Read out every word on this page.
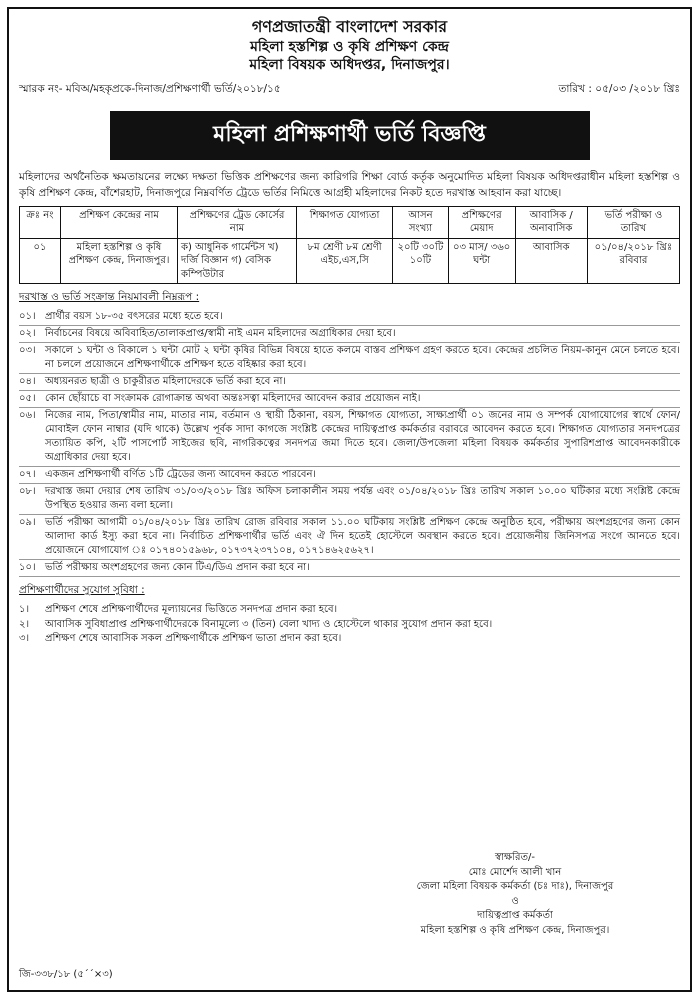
গণপ্রজাতন্ত্রী বাংলাদেশ সরকার
মহিলা হস্তশিল্প ও কৃষি প্রশিক্ষণ কেন্দ্র
মহিলা বিষয়ক অধিদপ্তর, দিনাজপুর।
স্মারক নং- মবিঅ/মহকৃপ্রকে-দিনাজ/প্রশিক্ষণার্থী ভর্তি/২০১৮/১৫	তারিখ : ০৫/০৩ /২০১৮ খ্রিঃ
মহিলা প্রশিক্ষণার্থী ভর্তি বিজ্ঞপ্তি
মহিলাদের অর্থনৈতিক ক্ষমতায়নের লক্ষ্যে দক্ষতা ভিত্তিক প্রশিক্ষণের জন্য কারিগরি শিক্ষা বোর্ড কর্তৃক অনুমোদিত মহিলা বিষয়ক অধিদপ্তরাধীন মহিলা হস্তশিল্প ও কৃষি প্রশিক্ষণ কেন্দ্র, বাঁশেরহাট, দিনাজপুরে নিম্নবর্ণিত ট্রেডে ভর্তির নিমিত্তে আগ্রহী মহিলাদের নিকট হতে দরখাস্ত আহবান করা যাচ্ছে।
ক্রঃ নং	প্রশিক্ষণ কেন্দ্রের নাম	প্রশিক্ষণের ট্রেড কোর্সের নাম	শিক্ষাগত যোগ্যতা	আসন সংখ্যা	প্রশিক্ষণের মেয়াদ	আবাসিক /অনাবাসিক	ভর্তি পরীক্ষা ও তারিখ
০১	মহিলা হস্তশিল্প ও কৃষি প্রশিক্ষণ কেন্দ্র, দিনাজপুর।	ক) আধুনিক গার্মেন্টস খ) দর্জি বিজ্ঞান গ) বেসিক কম্পিউটার	৮ম শ্রেণী ৮ম শ্রেণী এইচ,এস,সি	২০টি ৩০টি ১০টি	০৩ মাস/ ৩৬০ ঘন্টা	আবাসিক	০১/০৪/২০১৮ খ্রিঃ রবিবার
দরখাস্ত ও ভর্তি সংক্রান্ত নিয়মাবলী নিম্নরূপ :
০১। প্রার্থীর বয়স ১৮-৩৫ বৎসরের মধ্যে হতে হবে।
০২। নির্বাচনের বিষয়ে অবিবাহিত/তালাকপ্রাপ্ত/স্বামী নাই এমন মহিলাদের অগ্রাধিকার দেয়া হবে।
০৩। সকালে ১ ঘন্টা ও বিকালে ১ ঘন্টা মোট ২ ঘন্টা কৃষির বিভিন্ন বিষয়ে হাতে কলমে বাস্তব প্রশিক্ষণ গ্রহণ করতে হবে। কেন্দ্রের প্রচলিত নিয়ম-কানুন মেনে চলতে হবে। না চললে প্রয়োজনে প্রশিক্ষণার্থীকে প্রশিক্ষণ হতে বহিষ্কার করা হবে।
০৪। অধ্যয়নরত ছাত্রী ও চাকুরীরত মহিলাদেরকে ভর্তি করা হবে না।
০৫। কোন ছোঁয়াচে বা সংক্রামক রোগাক্রান্ত অথবা অন্তঃসত্বা মহিলাদের আবেদন করার প্রয়োজন নাই।
০৬। নিজের নাম, পিতা/স্বামীর নাম, মাতার নাম, বর্তমান ও স্থায়ী ঠিকানা, বয়স, শিক্ষাগত যোগ্যতা, সাক্ষ্যপ্রার্থী ০১ জনের নাম ও সম্পর্ক যোগাযোগের স্বার্থে ফোন/মোবাইল ফোন নাম্বার (যদি থাকে) উল্লেখ পূর্বক সাদা কাগজে সংশ্লিষ্ট কেন্দ্রের দায়িত্বপ্রাপ্ত কর্মকর্তার বরাবরে আবেদন করতে হবে। শিক্ষাগত যোগ্যতার সনদপত্রের সত্যায়িত কপি, ২টি পাসপোর্ট সাইজের ছবি, নাগরিকত্বের সনদপত্র জমা দিতে হবে। জেলা/উপজেলা মহিলা বিষয়ক কর্মকর্তার সুপারিশপ্রাপ্ত আবেদনকারীকে অগ্রাধিকার দেয়া হবে।
০৭। একজন প্রশিক্ষণার্থী বর্ণিত ১টি ট্রেডের জন্য আবেদন করতে পারবেন।
০৮। দরখাস্ত জমা দেয়ার শেষ তারিখ ৩১/০৩/২০১৮ খ্রিঃ অফিস চলাকালীন সময় পর্যন্ত এবং ০১/০৪/২০১৮ খ্রিঃ তারিখ সকাল ১০.০০ ঘটিকার মধ্যে সংশ্লিষ্ট কেন্দ্রে উপস্থিত হওয়ার জন্য বলা হলো।
০৯। ভর্তি পরীক্ষা আগামী ০১/০৪/২০১৮ খ্রিঃ তারিখ রোজ রবিবার সকাল ১১.০০ ঘটিকায় সংশ্লিষ্ট প্রশিক্ষণ কেন্দ্রে অনুষ্ঠিত হবে, পরীক্ষায় অংশগ্রহণের জন্য কোন আলাদা কার্ড ইস্যু করা হবে না। নির্বাচিত প্রশিক্ষণার্থীর ভর্তি এবং ঐ দিন হতেই হোস্টেলে অবস্থান করতে হবে। প্রয়োজনীয় জিনিসপত্র সংগে আনতে হবে। প্রয়োজনে যোগাযোগ ঃ ০১৭৪০১৫৯৬৮, ০১৭৩৭২৩৭১০৪, ০১৭১৪৬২৫৬২৭।
১০। ভর্তি পরীক্ষায় অংশগ্রহণের জন্য কোন টিএ/ডিএ প্রদান করা হবে না।
প্রশিক্ষণার্থীদের সুযোগ সুবিধা :
১।	প্রশিক্ষণ শেষে প্রশিক্ষণার্থীদের মূল্যায়নের ভিত্তিতে সনদপত্র প্রদান করা হবে।
২।	আবাসিক সুবিধাপ্রাপ্ত প্রশিক্ষণার্থীদেরকে বিনামূল্যে ৩ (তিন) বেলা খাদ্য ও হোস্টেলে থাকার সুযোগ প্রদান করা হবে।
৩।	প্রশিক্ষণ শেষে আবাসিক সকল প্রশিক্ষণার্থীকে প্রশিক্ষণ ভাতা প্রদান করা হবে।
স্বাক্ষরিত/-
মোঃ মোর্শেদ আলী খান
জেলা মহিলা বিষয়ক কর্মকর্তা (চঃ দাঃ), দিনাজপুর
ও
দায়িত্বপ্রাপ্ত কর্মকর্তা
মহিলা হস্তশিল্প ও কৃষি প্রশিক্ষণ কেন্দ্র, দিনাজপুর।
জি-৩৩৮/১৮ (৫´´×৩)
